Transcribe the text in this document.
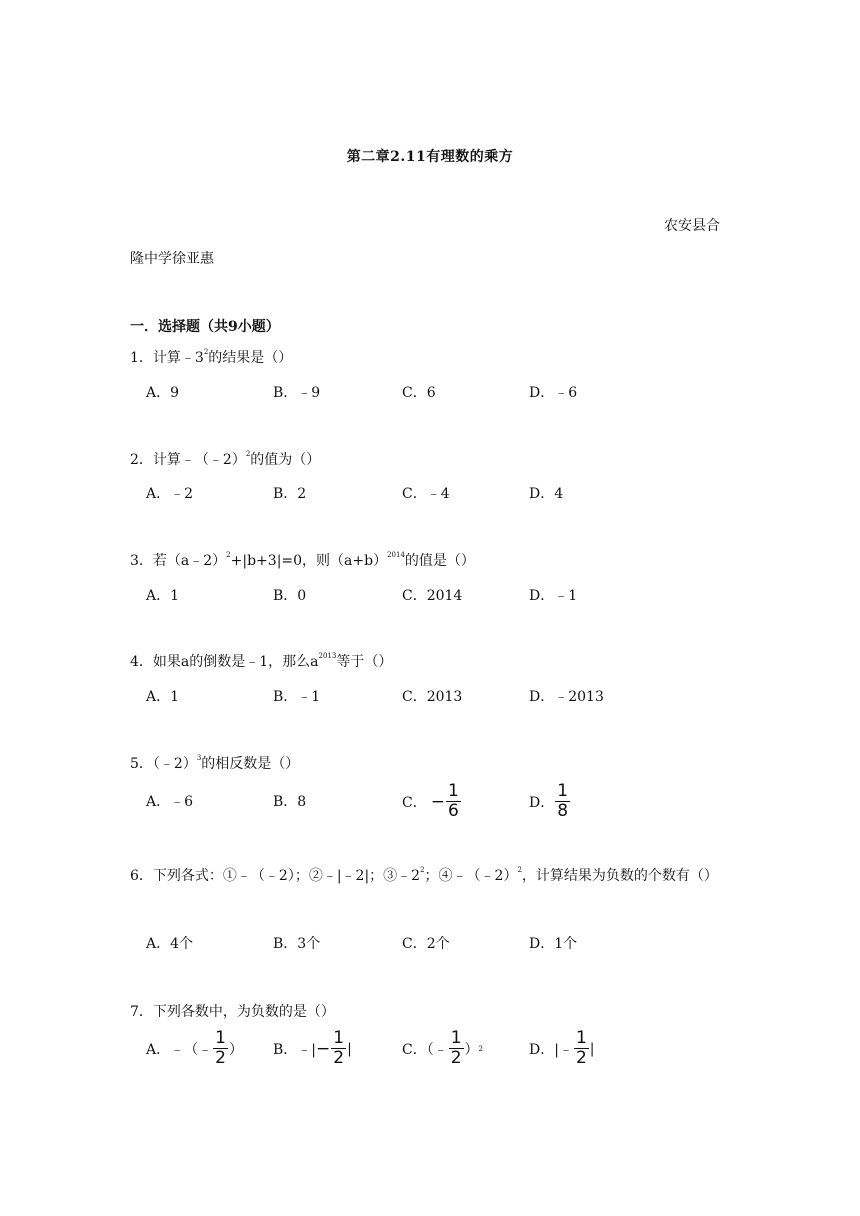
第二章2.11有理数的乘方
农安县合
隆中学徐亚惠
一．选择题（共9小题）
1．计算$﹣3^2$的结果是（）
A．9	B．﹣9	C．6	D．﹣6
2．计算﹣（﹣2）$^2$的值为（）
A．﹣2	B．2	C．﹣4	D．4
3．若（a﹣2）$^2$+|b+3|=0，则$(a+b)^{2014}$的值是（）
A．1	B．0	C．2014	D．﹣1
4．如果a的倒数是﹣1，那么$a^{2013}$等于（）
A．1	B．﹣1	C．2013	D．﹣2013
5．（﹣2）$^3$的相反数是（）
A．﹣6	B．8	C． − $\frac{1}{6}$	D． $\frac{1}{8}$
6．下列各式：①﹣（﹣2）；②﹣|﹣2|；$③﹣2^2$；④﹣（﹣2）$^2$，计算结果为负数的个数有（）
A．4个	B．3个	C．2个	D．1个
7．下列各数中，为负数的是（）
A．﹣（﹣ $\frac{1}{2}$ ） B．﹣| − $\frac{1}{2}$ |	C．（﹣ $\frac{1}{2}$ ） 2	D．|﹣ $\frac{1}{2}$ |
